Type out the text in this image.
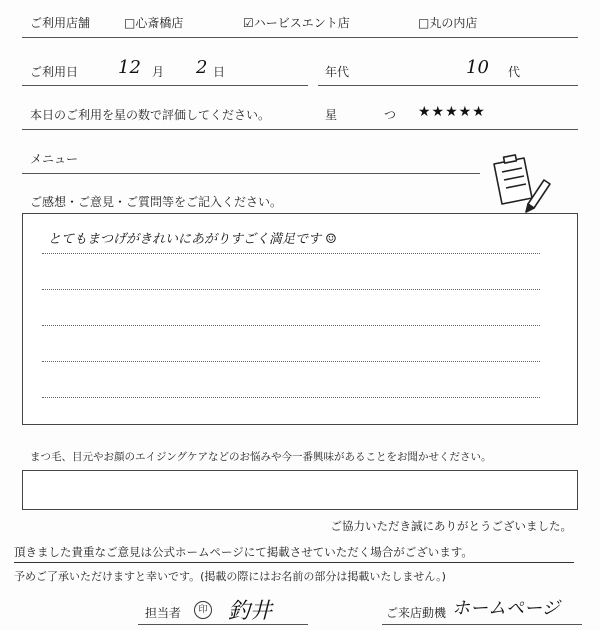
ご利用店舗	□心斎橋店	☑ハービスエント店	□丸の内店
ご利用日 12 月 2 日	年代	10 代
本日のご利用を星の数で評価してください。	星	つ ★★★★★
メニュー
ご感想・ご意見・ご質問等をご記入ください。
とてもまつげがきれいにあがりすごく満足です ☺
まつ毛、目元やお顔のエイジングケアなどのお悩みや今一番興味があることをお聞かせください。
ご協力いただき誠にありがとうございました。
頂きました貴重なご意見は公式ホームページにて掲載させていただく場合がございます。
予めご了承いただけますと幸いです。(掲載の際にはお名前の部分は掲載いたしません。)
担当者	印 釣井	ご来店動機 ホームページ
